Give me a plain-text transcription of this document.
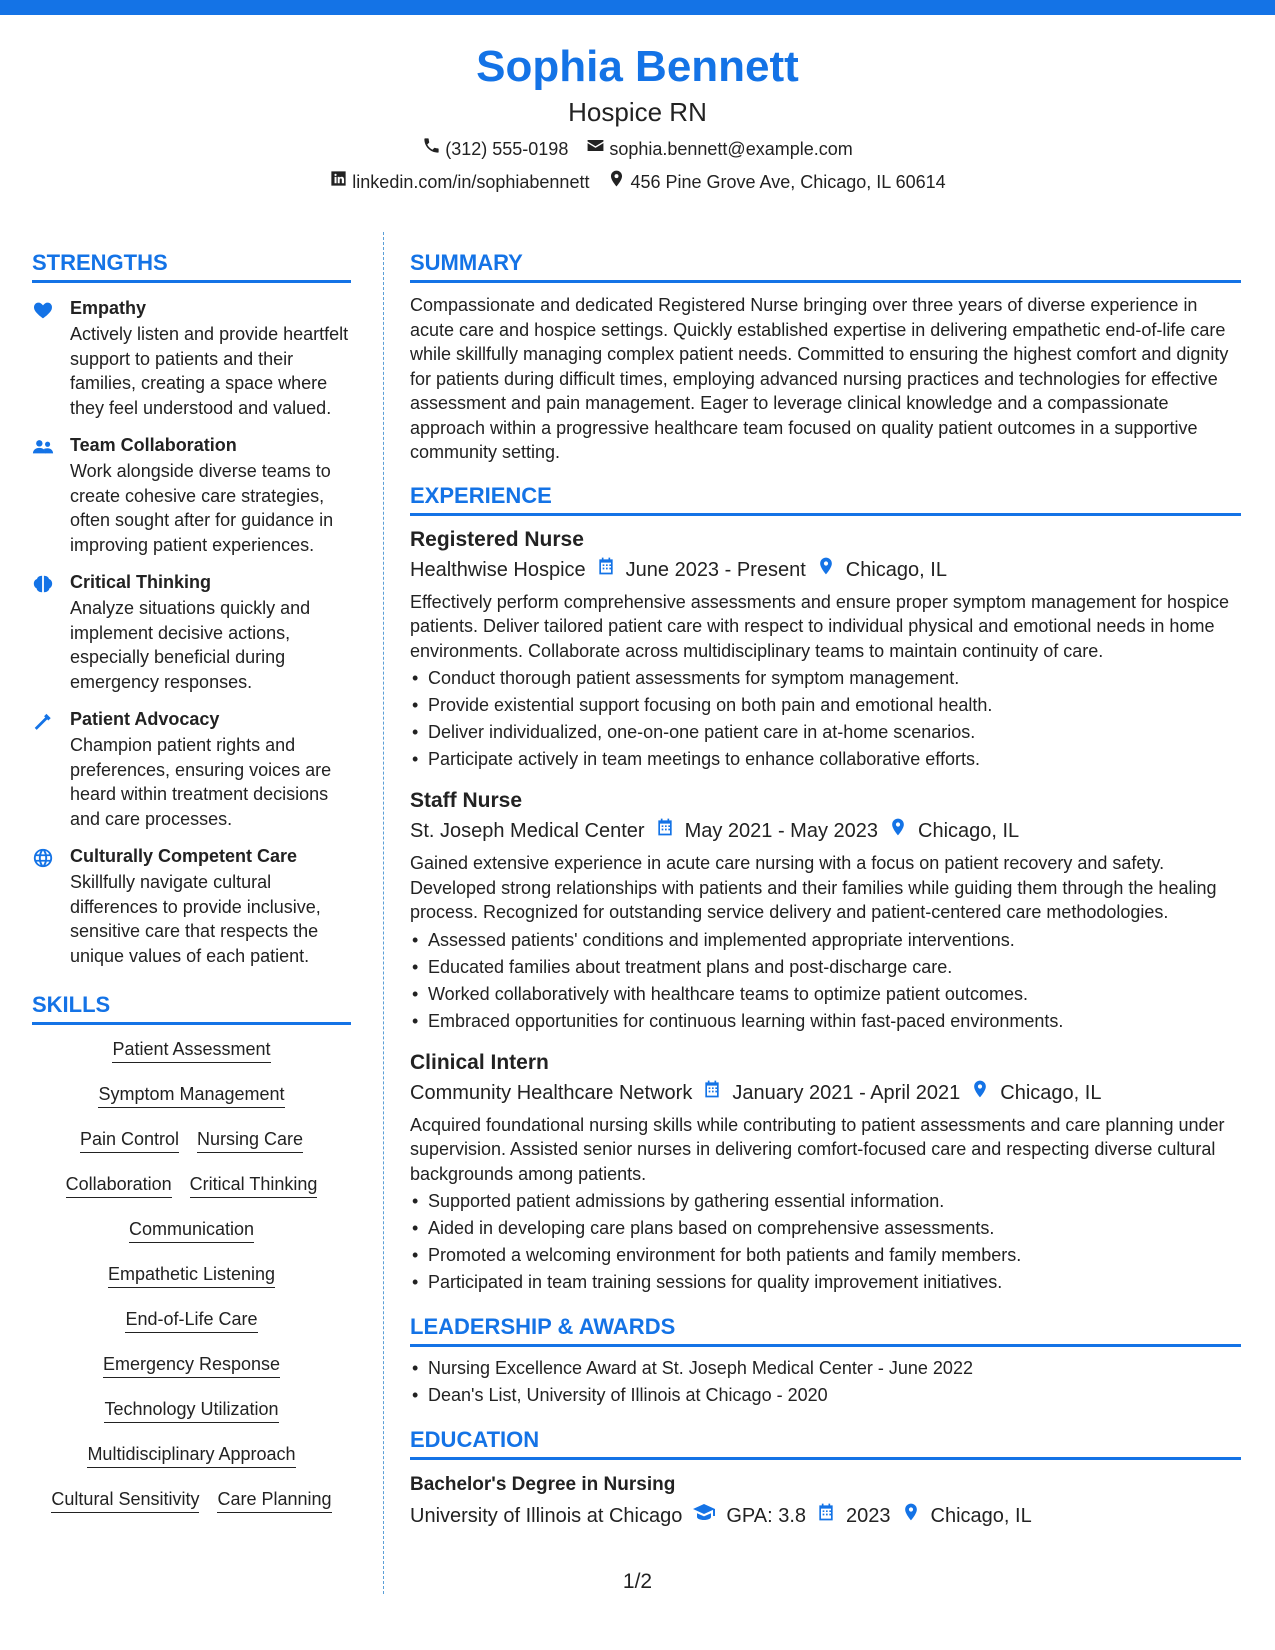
Sophia Bennett
Hospice RN
(312) 555-0198 sophia.bennett@example.com
linkedin.com/in/sophiabennett 456 Pine Grove Ave, Chicago, IL 60614
STRENGTHS
Empathy
Actively listen and provide heartfelt support to patients and their families, creating a space where they feel understood and valued.
Team Collaboration
Work alongside diverse teams to create cohesive care strategies, often sought after for guidance in improving patient experiences.
Critical Thinking
Analyze situations quickly and implement decisive actions, especially beneficial during emergency responses.
Patient Advocacy
Champion patient rights and preferences, ensuring voices are heard within treatment decisions and care processes.
Culturally Competent Care
Skillfully navigate cultural differences to provide inclusive, sensitive care that respects the unique values of each patient.
SKILLS
Patient Assessment
Symptom Management
Pain Control Nursing Care
Collaboration Critical Thinking
Communication
Empathetic Listening
End-of-Life Care
Emergency Response
Technology Utilization
Multidisciplinary Approach
Cultural Sensitivity Care Planning
SUMMARY
Compassionate and dedicated Registered Nurse bringing over three years of diverse experience in acute care and hospice settings. Quickly established expertise in delivering empathetic end-of-life care while skillfully managing complex patient needs. Committed to ensuring the highest comfort and dignity for patients during difficult times, employing advanced nursing practices and technologies for effective assessment and pain management. Eager to leverage clinical knowledge and a compassionate approach within a progressive healthcare team focused on quality patient outcomes in a supportive community setting.
EXPERIENCE
Registered Nurse
Healthwise Hospice June 2023 - Present Chicago, IL
Effectively perform comprehensive assessments and ensure proper symptom management for hospice patients. Deliver tailored patient care with respect to individual physical and emotional needs in home environments. Collaborate across multidisciplinary teams to maintain continuity of care.
• Conduct thorough patient assessments for symptom management.
• Provide existential support focusing on both pain and emotional health.
• Deliver individualized, one-on-one patient care in at-home scenarios.
• Participate actively in team meetings to enhance collaborative efforts.
Staff Nurse
St. Joseph Medical Center May 2021 - May 2023 Chicago, IL
Gained extensive experience in acute care nursing with a focus on patient recovery and safety. Developed strong relationships with patients and their families while guiding them through the healing process. Recognized for outstanding service delivery and patient-centered care methodologies.
• Assessed patients' conditions and implemented appropriate interventions.
• Educated families about treatment plans and post-discharge care.
• Worked collaboratively with healthcare teams to optimize patient outcomes.
• Embraced opportunities for continuous learning within fast-paced environments.
Clinical Intern
Community Healthcare Network January 2021 - April 2021 Chicago, IL
Acquired foundational nursing skills while contributing to patient assessments and care planning under supervision. Assisted senior nurses in delivering comfort-focused care and respecting diverse cultural backgrounds among patients.
• Supported patient admissions by gathering essential information.
• Aided in developing care plans based on comprehensive assessments.
• Promoted a welcoming environment for both patients and family members.
• Participated in team training sessions for quality improvement initiatives.
LEADERSHIP & AWARDS
• Nursing Excellence Award at St. Joseph Medical Center - June 2022
• Dean's List, University of Illinois at Chicago - 2020
EDUCATION
Bachelor's Degree in Nursing
University of Illinois at Chicago GPA: 3.8 2023 Chicago, IL
1/2
